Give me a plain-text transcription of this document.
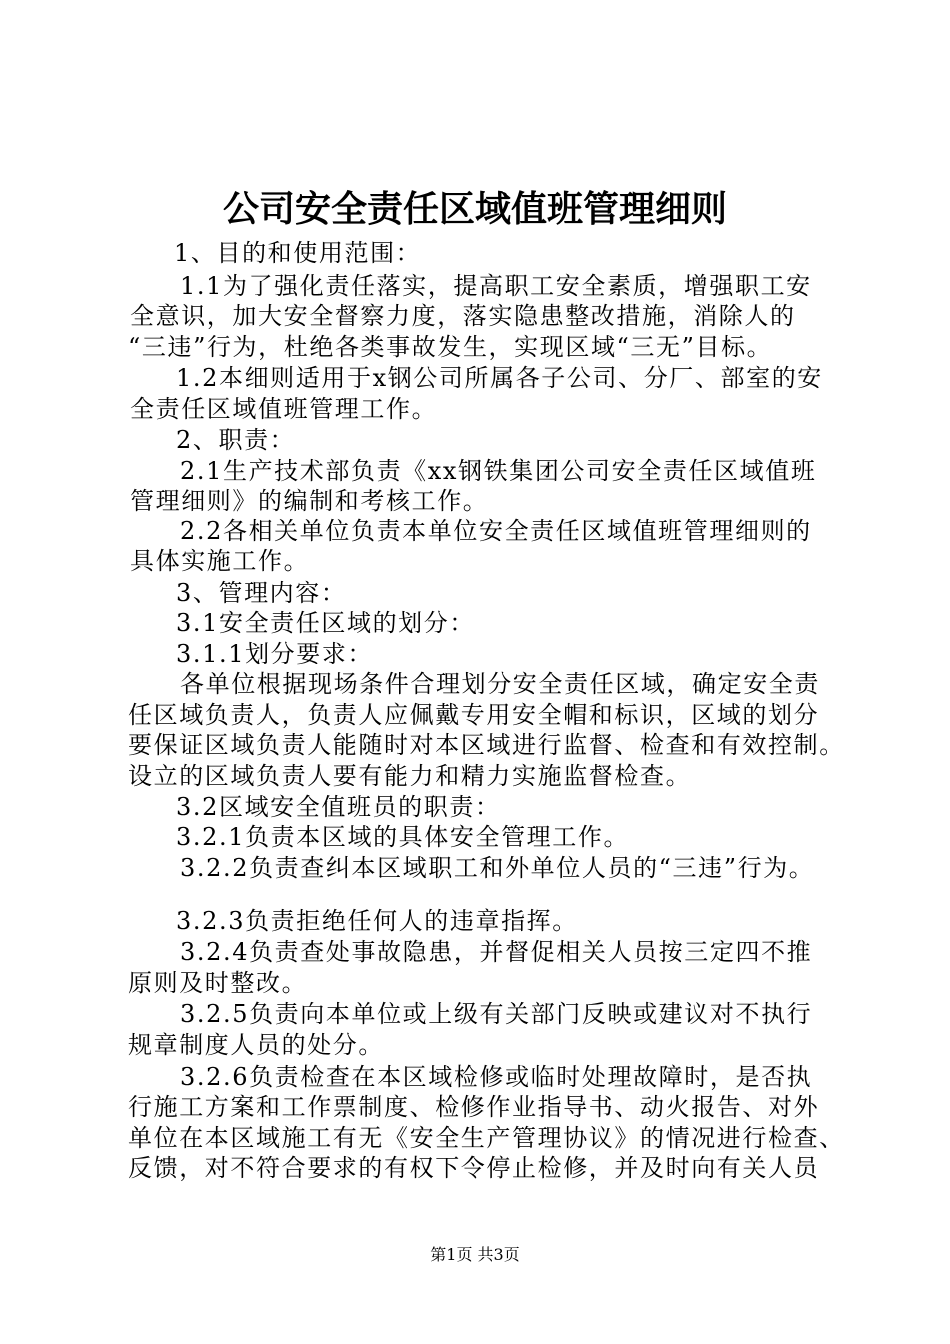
公司安全责任区域值班管理细则

1、目的和使用范围：

1.1为了强化责任落实，提高职工安全素质，增强职工安

全意识，加大安全督察力度，落实隐患整改措施，消除人的

“三违”行为，杜绝各类事故发生，实现区域“三无”目标。

1.2本细则适用于x钢公司所属各子公司、分厂、部室的安

全责任区域值班管理工作。

2、职责：

2.1生产技术部负责《xx钢铁集团公司安全责任区域值班

管理细则》的编制和考核工作。

2.2各相关单位负责本单位安全责任区域值班管理细则的

具体实施工作。

3、管理内容：

3.1安全责任区域的划分：

3.1.1划分要求：

各单位根据现场条件合理划分安全责任区域，确定安全责

任区域负责人，负责人应佩戴专用安全帽和标识，区域的划分

要保证区域负责人能随时对本区域进行监督、检查和有效控制。

设立的区域负责人要有能力和精力实施监督检查。

3.2区域安全值班员的职责：

3.2.1负责本区域的具体安全管理工作。

3.2.2负责查纠本区域职工和外单位人员的“三违”行为。

3.2.3负责拒绝任何人的违章指挥。

3.2.4负责查处事故隐患，并督促相关人员按三定四不推

原则及时整改。

3.2.5负责向本单位或上级有关部门反映或建议对不执行

规章制度人员的处分。

3.2.6负责检查在本区域检修或临时处理故障时，是否执

行施工方案和工作票制度、检修作业指导书、动火报告、对外

单位在本区域施工有无《安全生产管理协议》的情况进行检查、

反馈，对不符合要求的有权下令停止检修，并及时向有关人员

第1页 共3页
